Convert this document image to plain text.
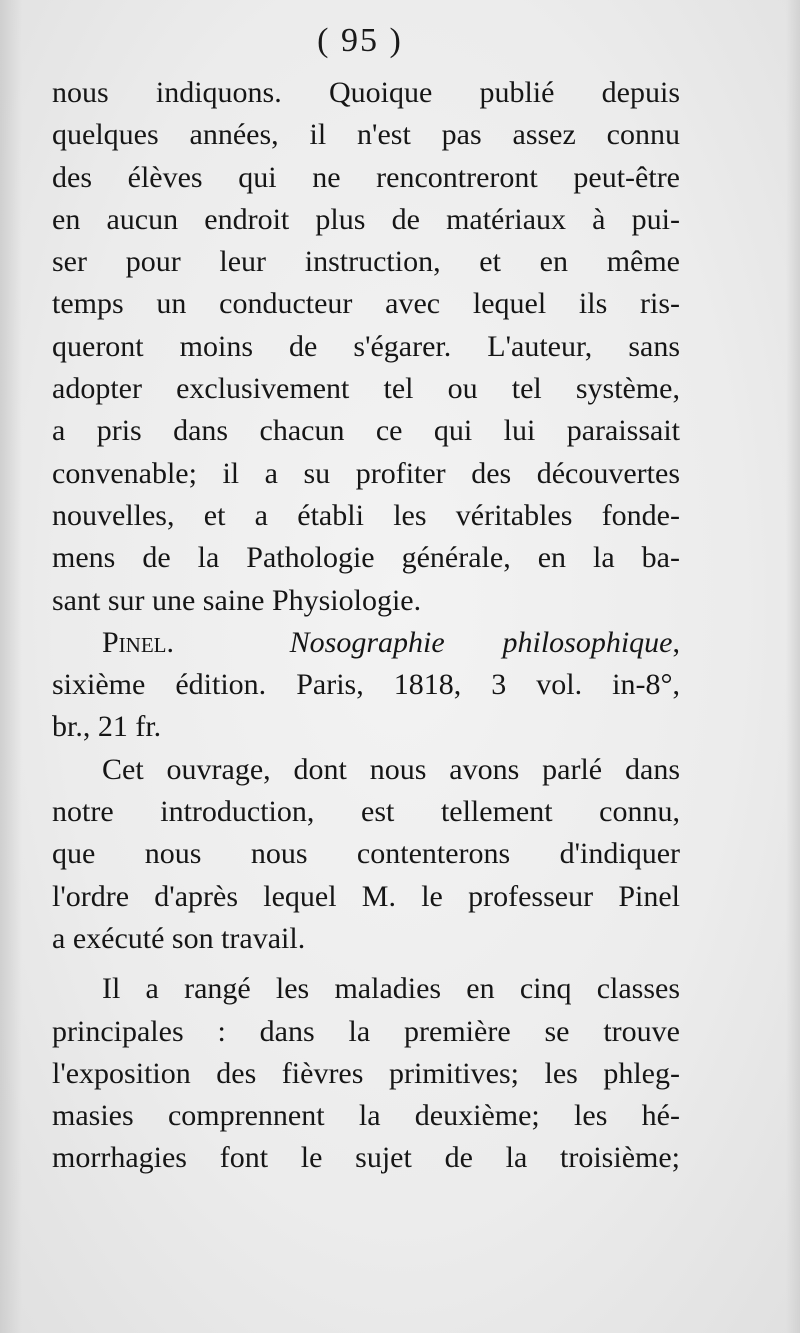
( 95 )
nous indiquons. Quoique publié depuis
quelques années, il n'est pas assez connu
des élèves qui ne rencontreront peut-être
en aucun endroit plus de matériaux à pui-
ser pour leur instruction, et en même
temps un conducteur avec lequel ils ris-
queront moins de s'égarer. L'auteur, sans
adopter exclusivement tel ou tel système,
a pris dans chacun ce qui lui paraissait
convenable; il a su profiter des découvertes
nouvelles, et a établi les véritables fonde-
mens de la Pathologie générale, en la ba-
sant sur une saine Physiologie.
Pinel.	Nosographie philosophique,
sixième édition. Paris, 1818, 3 vol. in-8°,
br., 21 fr.
Cet ouvrage, dont nous avons parlé dans
notre introduction, est tellement connu,
que nous nous contenterons d'indiquer
l'ordre d'après lequel M. le professeur Pinel
a exécuté son travail.
Il a rangé les maladies en cinq classes
principales : dans la première se trouve
l'exposition des fièvres primitives; les phleg-
masies comprennent la deuxième; les hé-
morrhagies font le sujet de la troisième;
